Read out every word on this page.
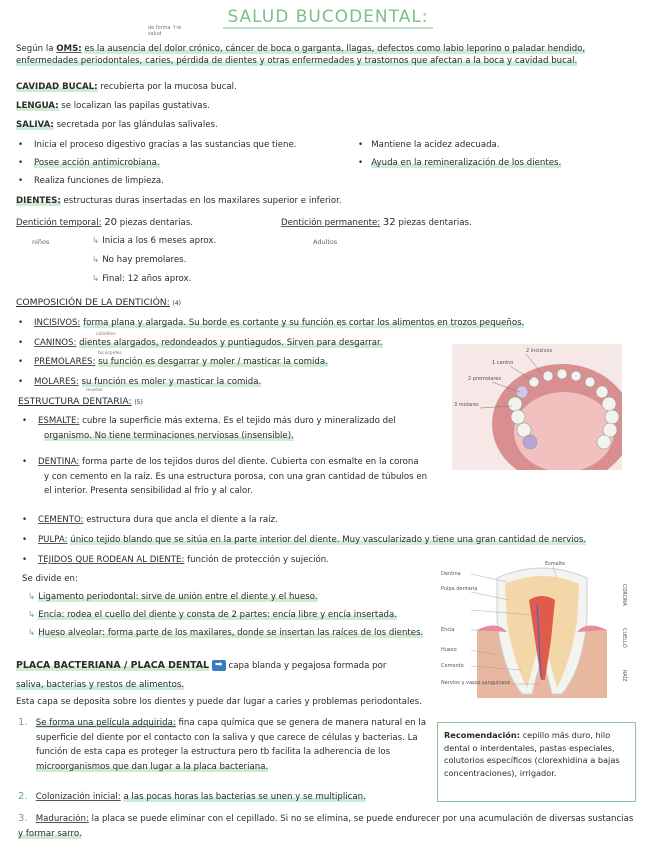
SALUD BUCODENTAL:
de forma ↑re
salud
Según la OMS: es la ausencia del dolor crónico, cáncer de boca o garganta, llagas, defectos como labio leporino o paladar hendido, enfermedades periodontales, caries, pérdida de dientes y otras enfermedades y trastornos que afectan a la boca y cavidad bucal.
CAVIDAD BUCAL: recubierta por la mucosa bucal.
LENGUA: se localizan las papilas gustativas.
SALIVA: secretada por las glándulas salivales.
•    Inicia el proceso digestivo gracias a las sustancias que tiene.
•    Posee acción antimicrobiana.
•    Realiza funciones de limpieza.
•   Mantiene la acidez adecuada.
•   Ayuda en la remineralización de los dientes.
DIENTES: estructuras duras insertadas en los maxilares superior e inferior.
Dentición temporal: 20 piezas dentarias.	Dentición permanente: 32 piezas dentarias.
niños	Adultos
↳ Inicia a los 6 meses aprox.
↳ No hay premolares.
↳ Final: 12 años aprox.
COMPOSICIÓN DE LA DENTICIÓN: (4)
•    INCISIVOS: forma plana y alargada. Su borde es cortante y su función es cortar los alimentos en trozos pequeños.
colmillos
•    CANINOS: dientes alargados, redondeados y puntiagudos. Sirven para desgarrar.
bicúspides
•    PREMOLARES: su función es desgarrar y moler / masticar la comida.
muelas
•    MOLARES: su función es moler y masticar la comida.
2 incisivos
1 canino
2 premolares
3 molares
ESTRUCTURA DENTARIA: (5)
•    ESMALTE: cubre la superficie más externa. Es el tejido más duro y mineralizado del
organismo. No tiene terminaciones nerviosas (insensible).
•    DENTINA: forma parte de los tejidos duros del diente. Cubierta con esmalte en la corona
y con cemento en la raíz. Es una estructura porosa, con una gran cantidad de túbulos en
el interior. Presenta sensibilidad al frío y al calor.
•    CEMENTO: estructura dura que ancla el diente a la raíz.
•    PULPA: único tejido blando que se sitúa en la parte interior del diente. Muy vascularizado y tiene una gran cantidad de nervios.
•    TEJIDOS QUE RODEAN AL DIENTE: función de protección y sujeción.
Se divide en:
↳ Ligamento periodontal: sirve de unión entre el diente y el hueso.
↳ Encía: rodea el cuello del diente y consta de 2 partes: encía libre y encía insertada.
↳ Hueso alveolar: forma parte de los maxilares, donde se insertan las raíces de los dientes.
Esmalte
Dentina
Pulpa dentaria
Encía
Hueso
Cemento
Nervios y vasos sanguíneos
CORONA
CUELLO
RAÍZ
PLACA BACTERIANA / PLACA DENTAL ➡ capa blanda y pegajosa formada por
saliva, bacterias y restos de alimentos.
Esta capa se deposita sobre los dientes y puede dar lugar a caries y problemas periodontales.
1. Se forma una película adquirida: fina capa química que se genera de manera natural en la
superficie del diente por el contacto con la saliva y que carece de células y bacterias. La
función de esta capa es proteger la estructura pero tb facilita la adherencia de los
microorganismos que dan lugar a la placa bacteriana.
2. Colonización inicial: a las pocas horas las bacterias se unen y se multiplican.
3. Maduración: la placa se puede eliminar con el cepillado. Si no se elimina, se puede endurecer por una acumulación de diversas sustancias
y formar sarro.
Recomendación: cepillo más duro, hilo dental o interdentales, pastas especiales, colutorios específicos (clorexhidina a bajas concentraciones), irrigador.
